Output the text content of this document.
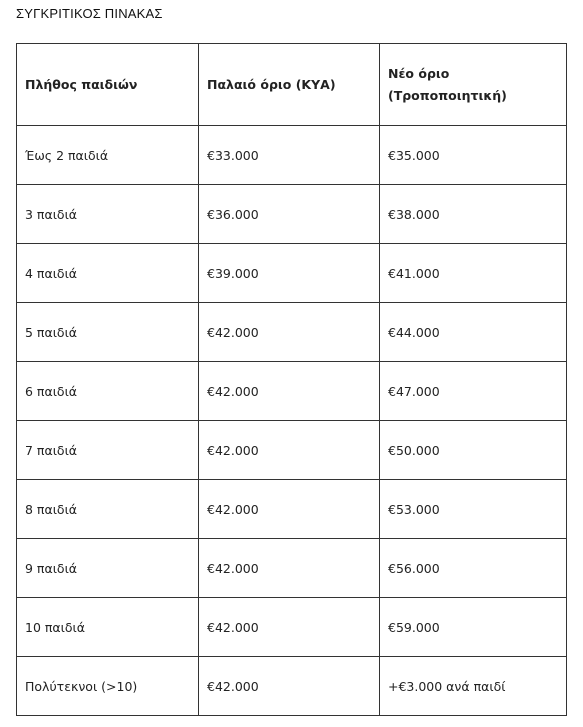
ΣΥΓΚΡΙΤΙΚΟΣ ΠΙΝΑΚΑΣ
Πλήθος παιδιών	Παλαιό όριο (ΚΥΑ)	Νέο όριο (Τροποποιητική)
Έως 2 παιδιά	€33.000	€35.000
3 παιδιά	€36.000	€38.000
4 παιδιά	€39.000	€41.000
5 παιδιά	€42.000	€44.000
6 παιδιά	€42.000	€47.000
7 παιδιά	€42.000	€50.000
8 παιδιά	€42.000	€53.000
9 παιδιά	€42.000	€56.000
10 παιδιά	€42.000	€59.000
Πολύτεκνοι (>10)	€42.000	+€3.000 ανά παιδί
